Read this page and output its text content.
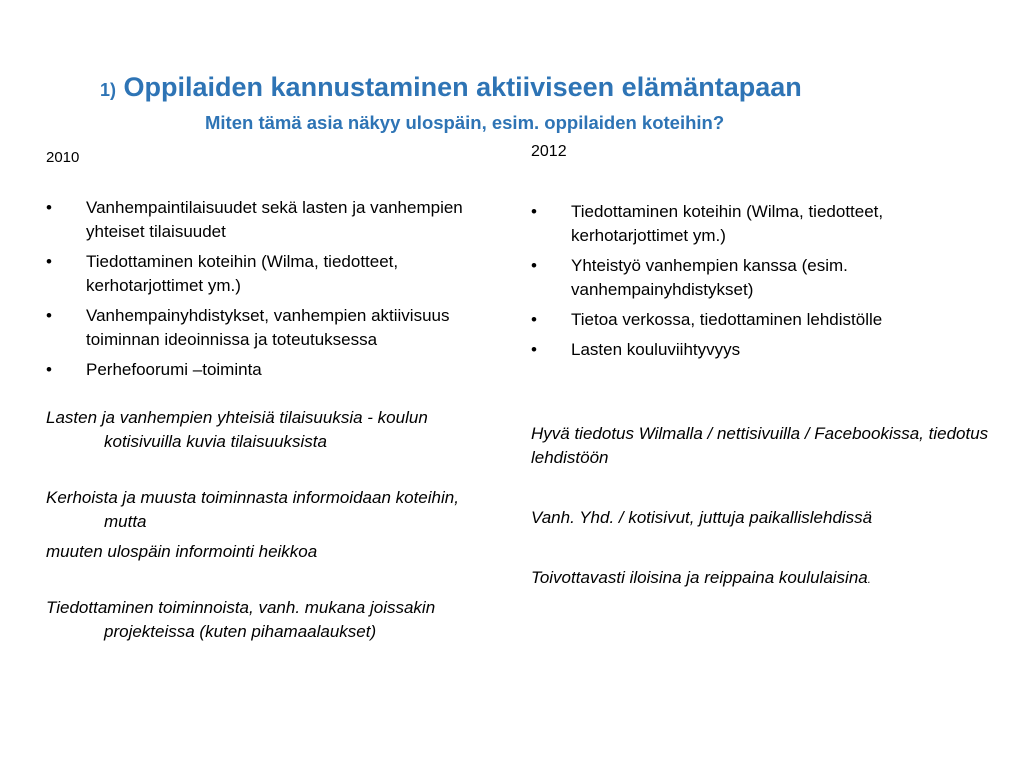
1) Oppilaiden kannustaminen aktiiviseen elämäntapaan
Miten tämä asia näkyy ulospäin, esim. oppilaiden koteihin?

2010

• Vanhempaintilaisuudet sekä lasten ja vanhempien yhteiset tilaisuudet
• Tiedottaminen koteihin (Wilma, tiedotteet, kerhotarjottimet ym.)
• Vanhempainyhdistykset, vanhempien aktiivisuus toiminnan ideoinnissa ja toteutuksessa
• Perhefoorumi –toiminta

Lasten ja vanhempien yhteisiä tilaisuuksia - koulun kotisivuilla kuvia tilaisuuksista

Kerhoista ja muusta toiminnasta informoidaan koteihin, mutta

muuten ulospäin informointi heikkoa

Tiedottaminen toiminnoista, vanh. mukana joissakin projekteissa (kuten pihamaalaukset)

2012

• Tiedottaminen koteihin (Wilma, tiedotteet, kerhotarjottimet ym.)
• Yhteistyö vanhempien kanssa (esim. vanhempainyhdistykset)
• Tietoa verkossa, tiedottaminen lehdistölle
• Lasten kouluviihtyvyys

Hyvä tiedotus Wilmalla / nettisivuilla / Facebookissa, tiedotus lehdistöön

Vanh. Yhd. / kotisivut, juttuja paikallislehdissä

Toivottavasti iloisina ja reippaina koululaisina.
